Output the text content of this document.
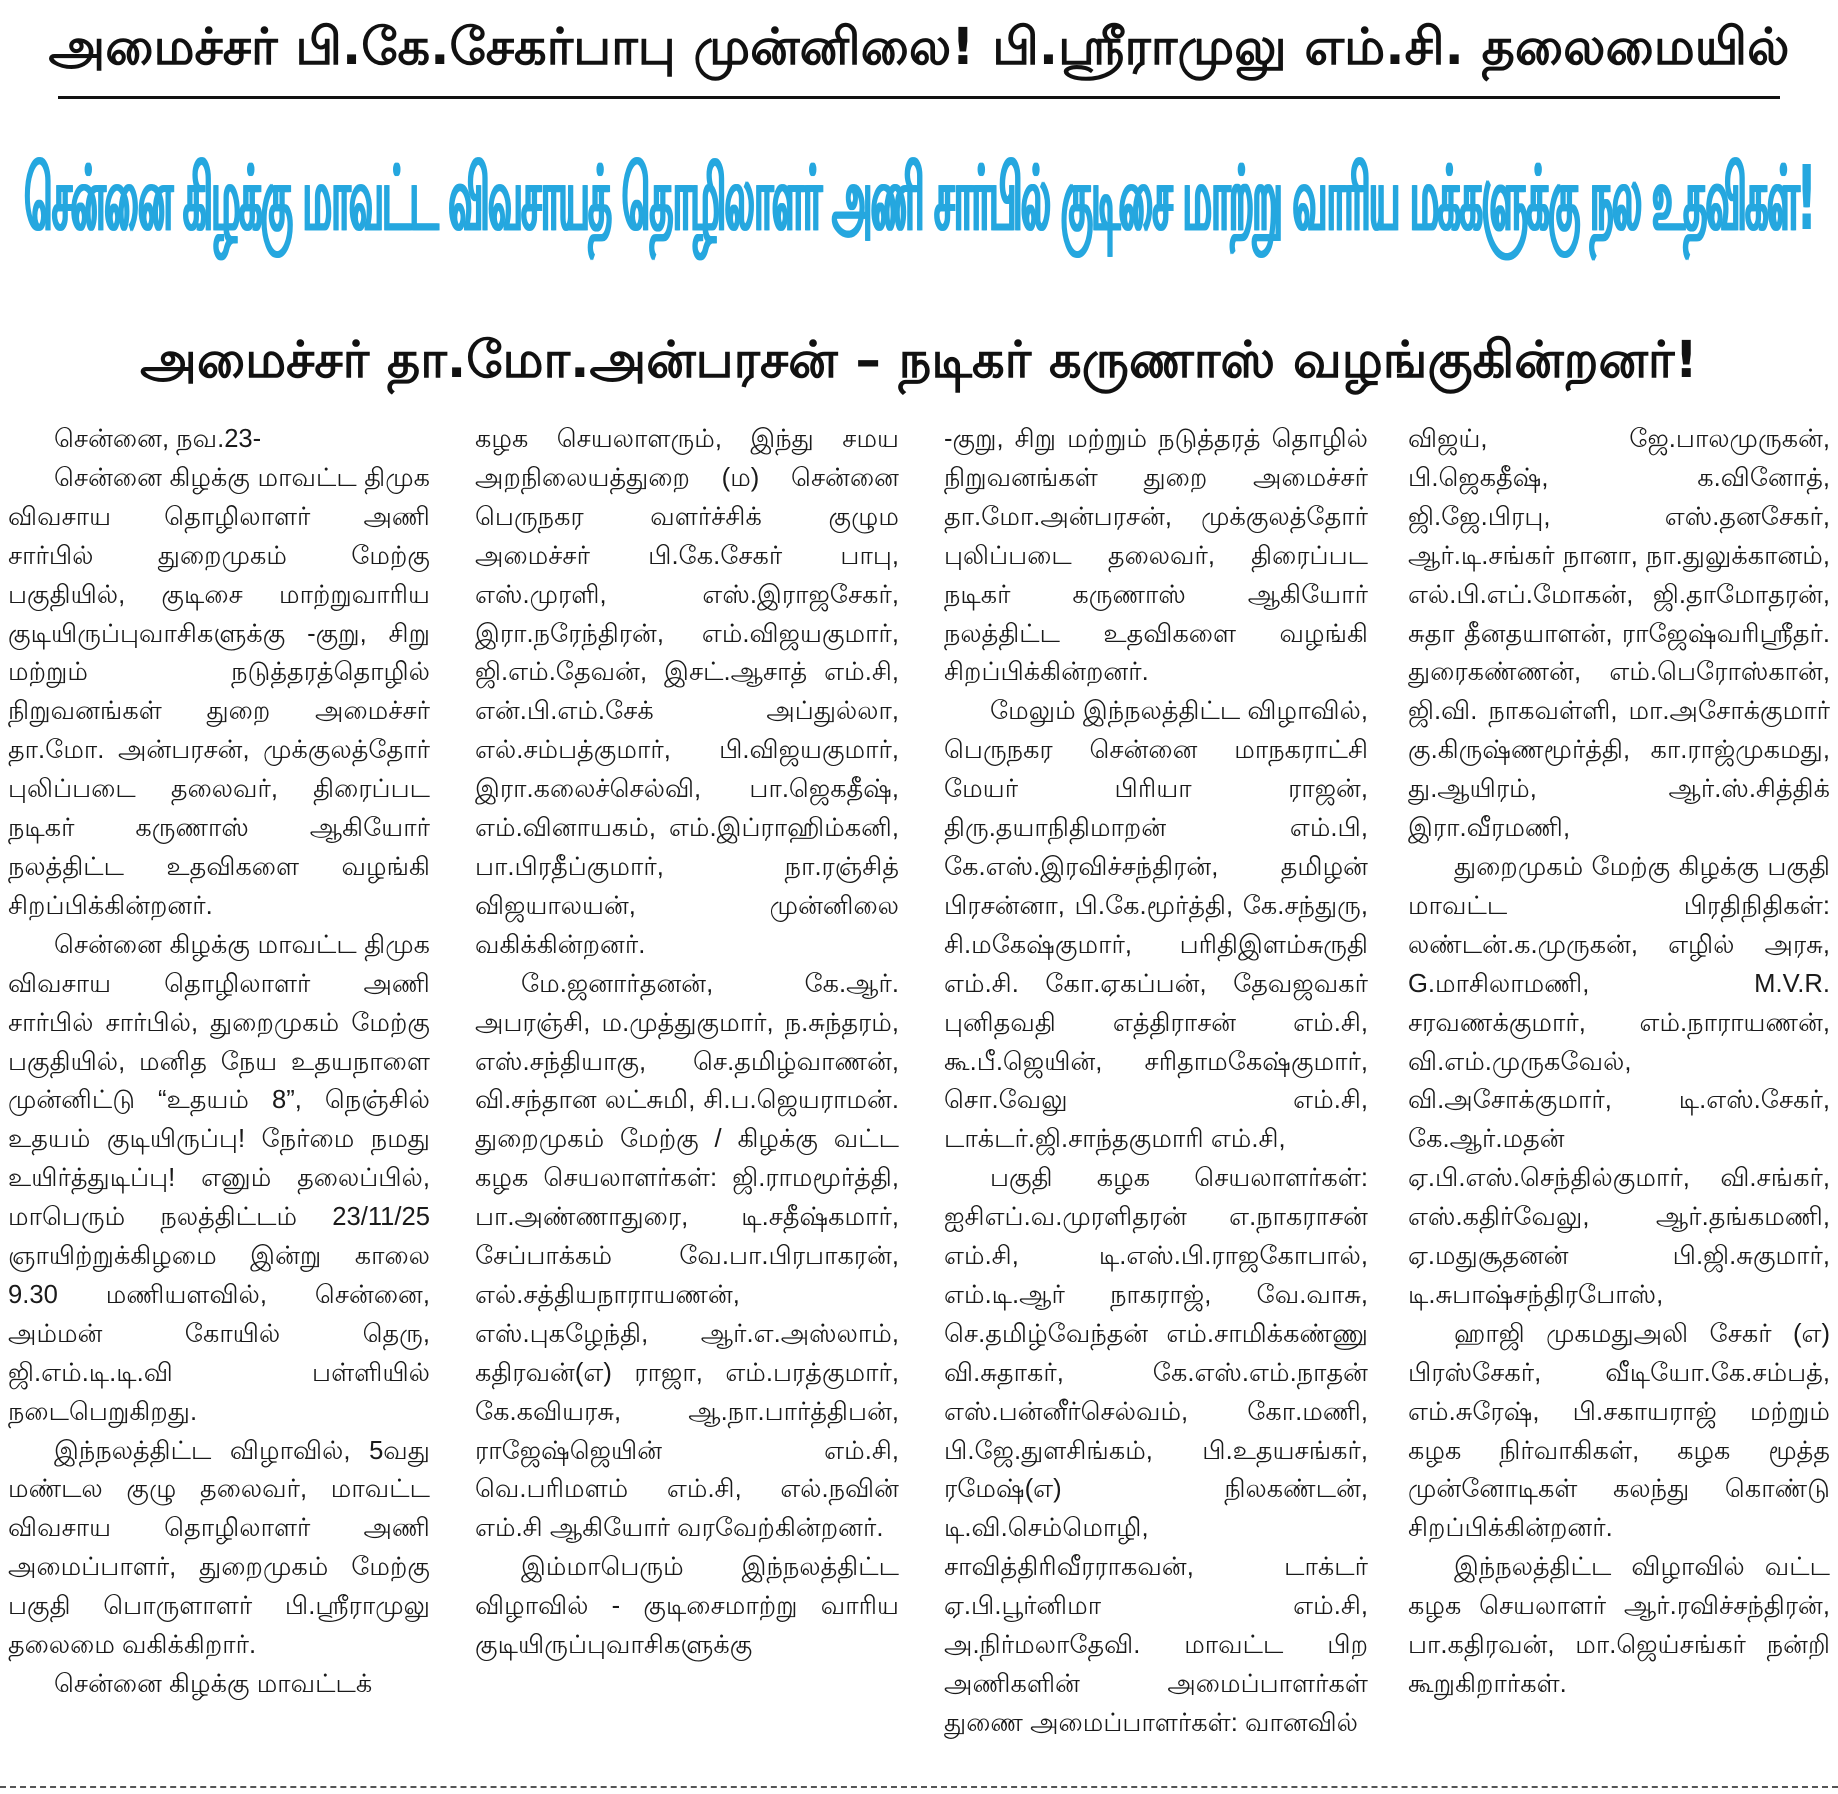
அமைச்சர் பி.கே.சேகர்பாபு முன்னிலை! பி.ஸ்ரீராமுலு எம்.சி. தலைமையில்
சென்னை கிழக்கு மாவட்ட விவசாயத் தொழிலாளர் அணி சார்பில் குடிசை மாற்று வாரிய மக்களுக்கு நல உதவிகள்!
அமைச்சர் தா.மோ.அன்பரசன் – நடிகர் கருணாஸ் வழங்குகின்றனர்!

சென்னை, நவ.23-

சென்னை கிழக்கு மாவட்ட திமுக விவசாய தொழிலாளர் அணி சார்பில் துறைமுகம் மேற்கு பகுதியில், குடிசை மாற்றுவாரிய குடியிருப்புவாசிகளுக்கு -குறு, சிறு மற்றும் நடுத்தரத்தொழில் நிறுவனங்கள் துறை அமைச்சர் தா.மோ. அன்பரசன், முக்குலத்தோர் புலிப்படை தலைவர், திரைப்பட நடிகர் கருணாஸ் ஆகியோர் நலத்திட்ட உதவிகளை வழங்கி சிறப்பிக்கின்றனர்.

சென்னை கிழக்கு மாவட்ட திமுக விவசாய தொழிலாளர் அணி சார்பில் சார்பில், துறைமுகம் மேற்கு பகுதியில், மனித நேய உதயநாளை முன்னிட்டு “உதயம் 8”, நெஞ்சில் உதயம் குடியிருப்பு! நேர்மை நமது உயிர்த்துடிப்பு! எனும் தலைப்பில், மாபெரும் நலத்திட்டம் 23/11/25 ஞாயிற்றுக்கிழமை இன்று காலை 9.30 மணியளவில், சென்னை, அம்மன் கோயில் தெரு, ஜி.எம்.டி.டி.வி பள்ளியில் நடைபெறுகிறது.

இந்நலத்திட்ட விழாவில், 5வது மண்டல குழு தலைவர், மாவட்ட விவசாய தொழிலாளர் அணி அமைப்பாளர், துறைமுகம் மேற்கு பகுதி பொருளாளர் பி.ஸ்ரீராமுலு தலைமை வகிக்கிறார்.

சென்னை கிழக்கு மாவட்டக்

கழக செயலாளரும், இந்து சமய அறநிலையத்துறை (ம) சென்னை பெருநகர வளர்ச்சிக் குழும அமைச்சர் பி.கே.சேகர் பாபு, எஸ்.முரளி, எஸ்.இராஜசேகர், இரா.நரேந்திரன், எம்.விஜயகுமார், ஜி.எம்.தேவன், இசட்.ஆசாத் எம்.சி, என்.பி.எம்.சேக் அப்துல்லா, எல்.சம்பத்குமார், பி.விஜயகுமார், இரா.கலைச்செல்வி, பா.ஜெகதீஷ், எம்.வினாயகம், எம்.இப்ராஹிம்கனி, பா.பிரதீப்குமார், நா.ரஞ்சித் விஜயாலயன், முன்னிலை வகிக்கின்றனர்.

மே.ஜனார்தனன், கே.ஆர். அபரஞ்சி, ம.முத்துகுமார், ந.சுந்தரம், எஸ்.சந்தியாகு, செ.தமிழ்வாணன், வி.சந்தான லட்சுமி, சி.ப.ஜெயராமன். துறைமுகம் மேற்கு / கிழக்கு வட்ட கழக செயலாளர்கள்: ஜி.ராமமூர்த்தி, பா.அண்ணாதுரை, டி.சதீஷ்கமார், சேப்பாக்கம் வே.பா.பிரபாகரன், எல்.சத்தியநாராயணன், எஸ்.புகழேந்தி, ஆர்.எ.அஸ்லாம், கதிரவன்(எ) ராஜா, எம்.பரத்குமார், கே.கவியரசு, ஆ.நா.பார்த்திபன், ராஜேஷ்ஜெயின் எம்.சி, வெ.பரிமளம் எம்.சி, எல்.நவின் எம்.சி ஆகியோர் வரவேற்கின்றனர்.

இம்மாபெரும் இந்நலத்திட்ட விழாவில் - குடிசைமாற்று வாரிய குடியிருப்புவாசிகளுக்கு

-குறு, சிறு மற்றும் நடுத்தரத் தொழில் நிறுவனங்கள் துறை அமைச்சர் தா.மோ.அன்பரசன், முக்குலத்தோர் புலிப்படை தலைவர், திரைப்பட நடிகர் கருணாஸ் ஆகியோர் நலத்திட்ட உதவிகளை வழங்கி சிறப்பிக்கின்றனர்.

மேலும் இந்நலத்திட்ட விழாவில், பெருநகர சென்னை மாநகராட்சி மேயர் பிரியா ராஜன், திரு.தயாநிதிமாறன் எம்.பி, கே.எஸ்.இரவிச்சந்திரன், தமிழன் பிரசன்னா, பி.கே.மூர்த்தி, கே.சந்துரு, சி.மகேஷ்குமார், பரிதிஇளம்சுருதி எம்.சி. கோ.ஏகப்பன், தேவஜவகர் புனிதவதி எத்திராசன் எம்.சி, கூ.பீ.ஜெயின், சரிதாமகேஷ்குமார், சொ.வேலு எம்.சி, டாக்டர்.ஜி.சாந்தகுமாரி எம்.சி,

பகுதி கழக செயலாளர்கள்: ஐசிஎப்.வ.முரளிதரன் எ.நாகராசன் எம்.சி, டி.எஸ்.பி.ராஜகோபால், எம்.டி.ஆர் நாகராஜ், வே.வாசு, செ.தமிழ்வேந்தன் எம்.சாமிக்கண்ணு வி.சுதாகர், கே.எஸ்.எம்.நாதன் எஸ்.பன்னீர்செல்வம், கோ.மணி, பி.ஜே.துளசிங்கம், பி.உதயசங்கர், ரமேஷ்(எ) நிலகண்டன், டி.வி.செம்மொழி, சாவித்திரிவீரராகவன், டாக்டர் ஏ.பி.பூர்னிமா எம்.சி, அ.நிர்மலாதேவி. மாவட்ட பிற அணிகளின் அமைப்பாளர்கள் துணை அமைப்பாளர்கள்: வானவில்

விஜய், ஜே.பாலமுருகன், பி.ஜெகதீஷ், க.வினோத், ஜி.ஜே.பிரபு, எஸ்.தனசேகர், ஆர்.டி.சங்கர் நானா, நா.துலுக்கானம், எல்.பி.எப்.மோகன், ஜி.தாமோதரன், சுதா தீனதயாளன், ராஜேஷ்வரிஸ்ரீதர். துரைகண்ணன், எம்.பெரோஸ்கான், ஜி.வி. நாகவள்ளி, மா.அசோக்குமார் கு.கிருஷ்ணமூர்த்தி, கா.ராஜ்முகமது, து.ஆயிரம், ஆர்.ஸ்.சித்திக் இரா.வீரமணி,

துறைமுகம் மேற்கு கிழக்கு பகுதி மாவட்ட பிரதிநிதிகள்: லண்டன்.க.முருகன், எழில் அரசு, G.மாசிலாமணி, M.V.R. சரவணக்குமார், எம்.நாராயணன், வி.எம்.முருகவேல், வி.அசோக்குமார், டி.எஸ்.சேகர், கே.ஆர்.மதன் ஏ.பி.எஸ்.செந்தில்குமார், வி.சங்கர், எஸ்.கதிர்வேலு, ஆர்.தங்கமணி, ஏ.மதுசூதனன் பி.ஜி.சுகுமார், டி.சுபாஷ்சந்திரபோஸ்,

ஹாஜி முகமதுஅலி சேகர் (எ) பிரஸ்சேகர், வீடியோ.கே.சம்பத், எம்.சுரேஷ், பி.சகாயராஜ் மற்றும் கழக நிர்வாகிகள், கழக மூத்த முன்னோடிகள் கலந்து கொண்டு சிறப்பிக்கின்றனர்.

இந்நலத்திட்ட விழாவில் வட்ட கழக செயலாளர் ஆர்.ரவிச்சந்திரன், பா.கதிரவன், மா.ஜெய்சங்கர் நன்றி கூறுகிறார்கள்.
